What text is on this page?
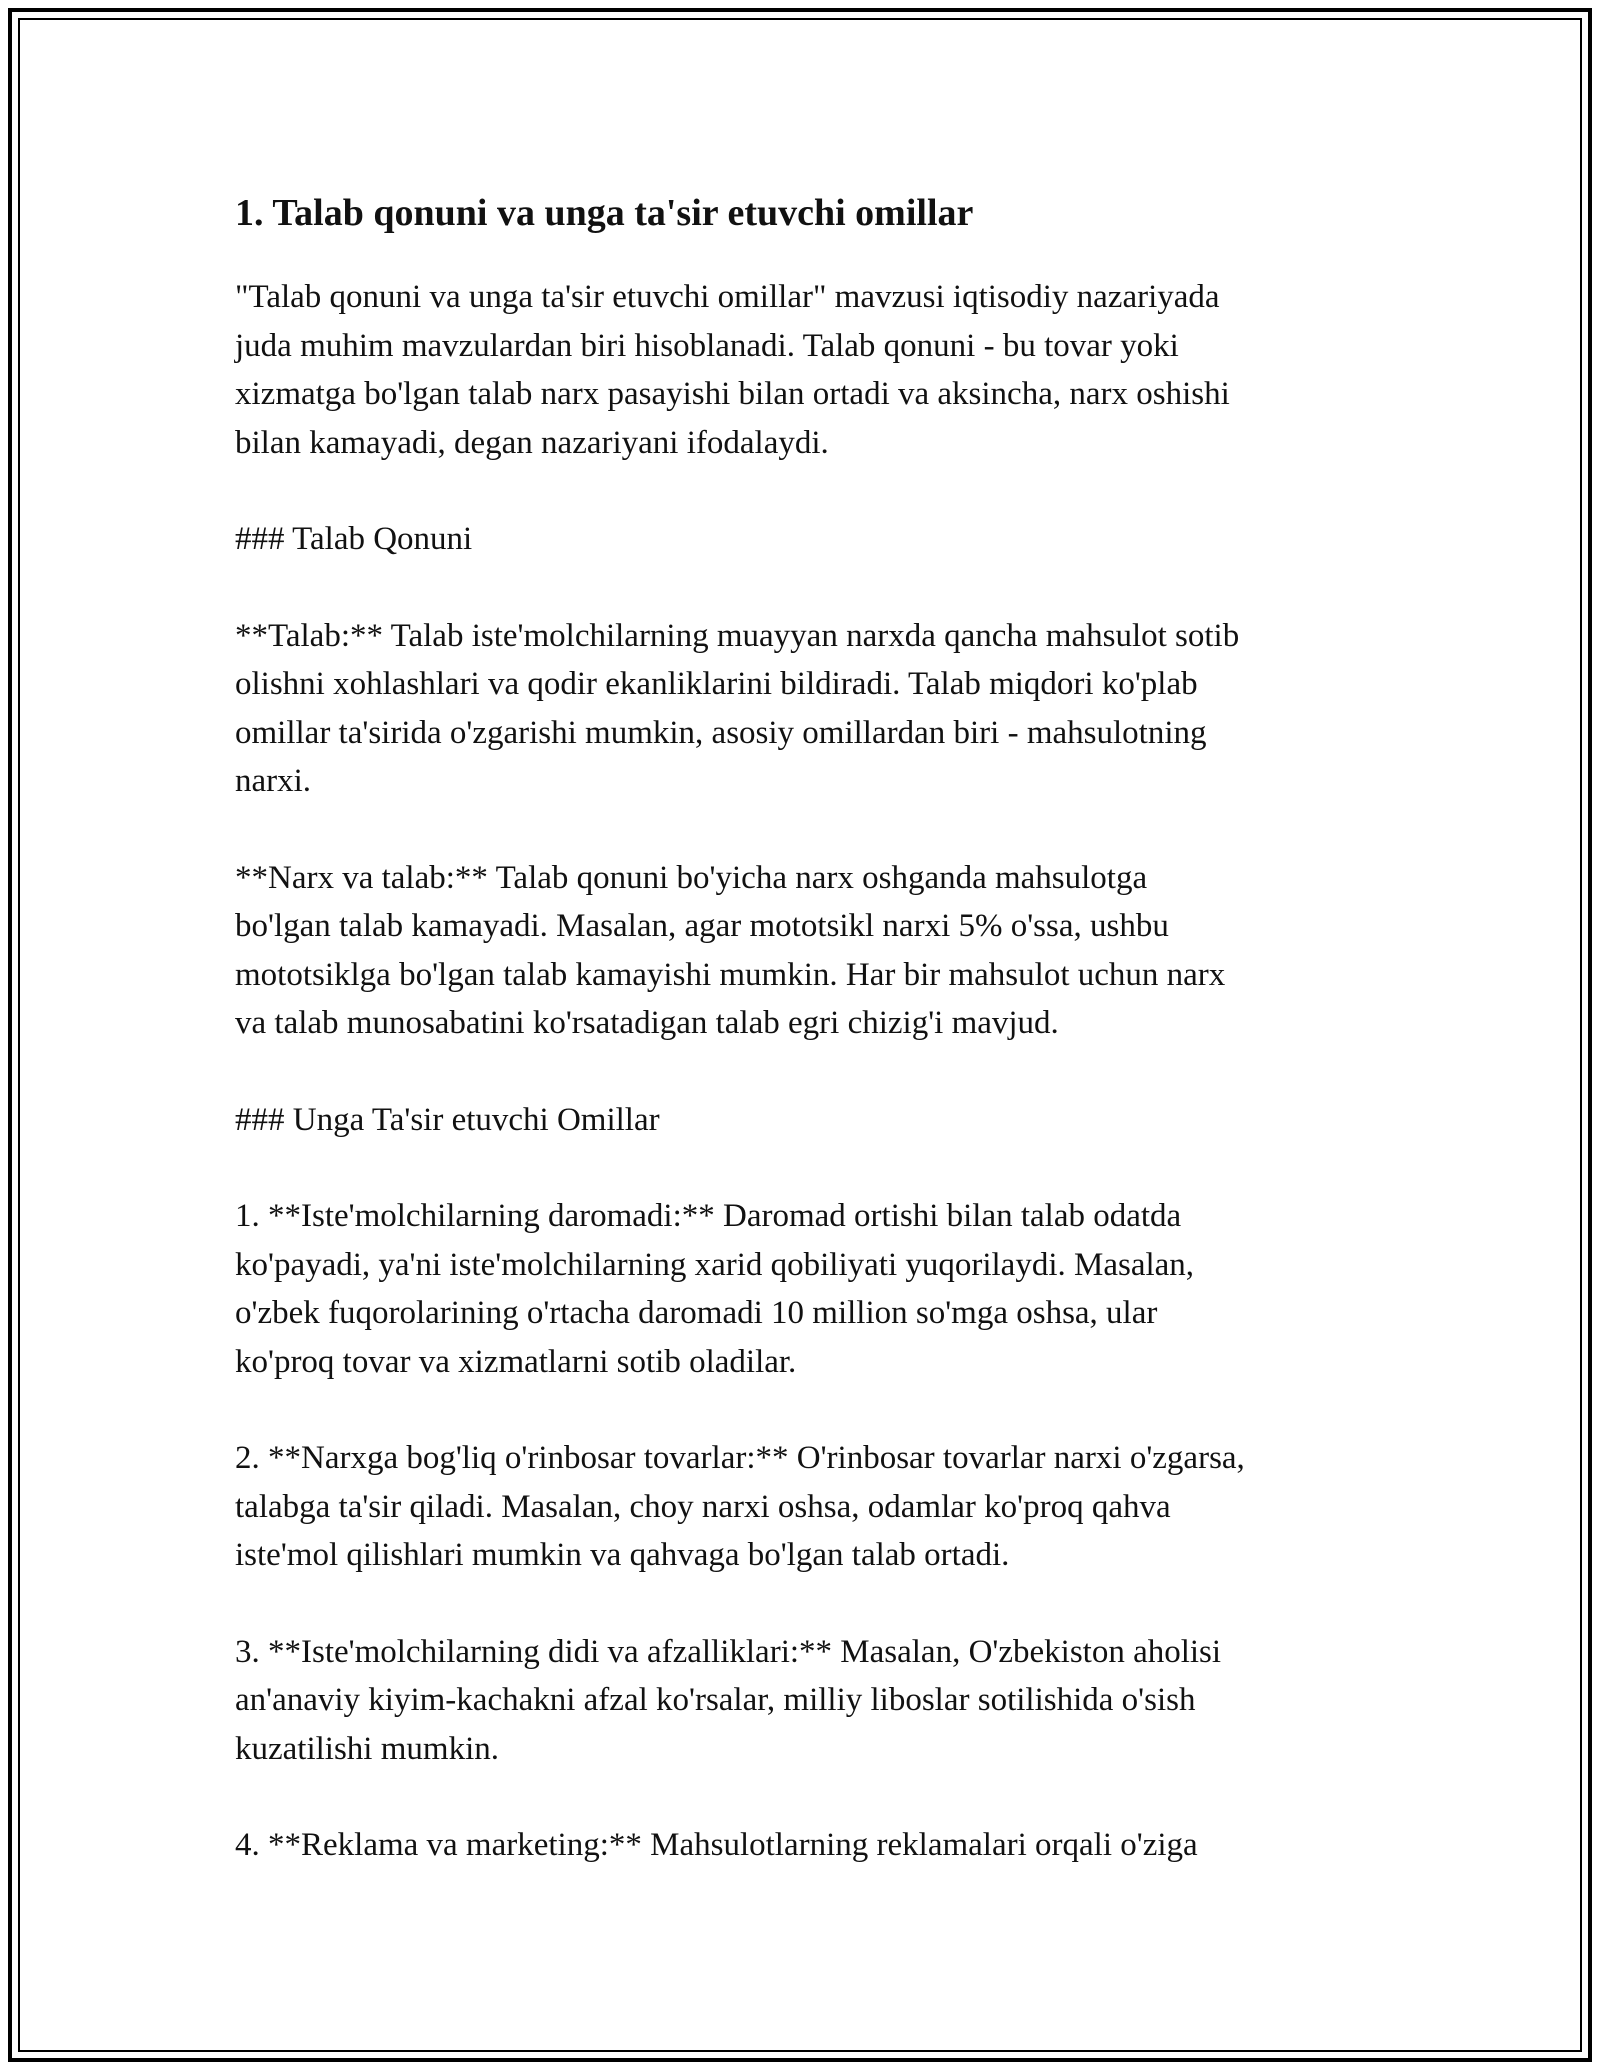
1. Talab qonuni va unga ta'sir etuvchi omillar

"Talab qonuni va unga ta'sir etuvchi omillar" mavzusi iqtisodiy nazariyada
juda muhim mavzulardan biri hisoblanadi. Talab qonuni - bu tovar yoki
xizmatga bo'lgan talab narx pasayishi bilan ortadi va aksincha, narx oshishi
bilan kamayadi, degan nazariyani ifodalaydi.

### Talab Qonuni

**Talab:** Talab iste'molchilarning muayyan narxda qancha mahsulot sotib
olishni xohlashlari va qodir ekanliklarini bildiradi. Talab miqdori ko'plab
omillar ta'sirida o'zgarishi mumkin, asosiy omillardan biri - mahsulotning
narxi.

**Narx va talab:** Talab qonuni bo'yicha narx oshganda mahsulotga
bo'lgan talab kamayadi. Masalan, agar mototsikl narxi 5% o'ssa, ushbu
mototsiklga bo'lgan talab kamayishi mumkin. Har bir mahsulot uchun narx
va talab munosabatini ko'rsatadigan talab egri chizig'i mavjud.

### Unga Ta'sir etuvchi Omillar

1. **Iste'molchilarning daromadi:** Daromad ortishi bilan talab odatda
ko'payadi, ya'ni iste'molchilarning xarid qobiliyati yuqorilaydi. Masalan,
o'zbek fuqorolarining o'rtacha daromadi 10 million so'mga oshsa, ular
ko'proq tovar va xizmatlarni sotib oladilar.

2. **Narxga bog'liq o'rinbosar tovarlar:** O'rinbosar tovarlar narxi o'zgarsa,
talabga ta'sir qiladi. Masalan, choy narxi oshsa, odamlar ko'proq qahva
iste'mol qilishlari mumkin va qahvaga bo'lgan talab ortadi.

3. **Iste'molchilarning didi va afzalliklari:** Masalan, O'zbekiston aholisi
an'anaviy kiyim-kachakni afzal ko'rsalar, milliy liboslar sotilishida o'sish
kuzatilishi mumkin.

4. **Reklama va marketing:** Mahsulotlarning reklamalari orqali o'ziga
